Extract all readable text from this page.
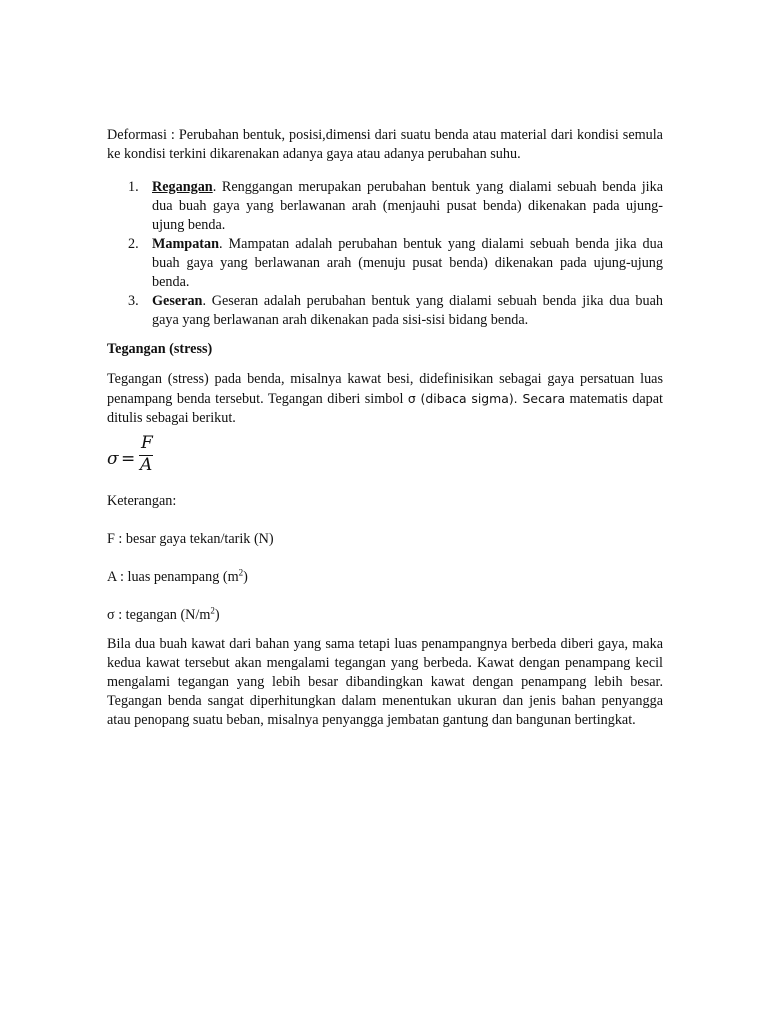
Deformasi : Perubahan bentuk, posisi,dimensi dari suatu benda atau material dari kondisi semula ke kondisi terkini dikarenakan adanya gaya atau adanya perubahan suhu.

1. Regangan. Renggangan merupakan perubahan bentuk yang dialami sebuah benda jika dua buah gaya yang berlawanan arah (menjauhi pusat benda) dikenakan pada ujung-ujung benda.
2. Mampatan. Mampatan adalah perubahan bentuk yang dialami sebuah benda jika dua buah gaya yang berlawanan arah (menuju pusat benda) dikenakan pada ujung-ujung benda.
3. Geseran. Geseran adalah perubahan bentuk yang dialami sebuah benda jika dua buah gaya yang berlawanan arah dikenakan pada sisi-sisi bidang benda.
Tegangan (stress)

Tegangan (stress) pada benda, misalnya kawat besi, didefinisikan sebagai gaya persatuan luas penampang benda tersebut. Tegangan diberi simbol σ (dibaca sigma). Secara matematis dapat ditulis sebagai berikut.

σ =
F
A

Keterangan:

F : besar gaya tekan/tarik (N)

A : luas penampang $(m^2)$

σ : tegangan $(N/m^2)$

Bila dua buah kawat dari bahan yang sama tetapi luas penampangnya berbeda diberi gaya, maka kedua kawat tersebut akan mengalami tegangan yang berbeda. Kawat dengan penampang kecil mengalami tegangan yang lebih besar dibandingkan kawat dengan penampang lebih besar. Tegangan benda sangat diperhitungkan dalam menentukan ukuran dan jenis bahan penyangga atau penopang suatu beban, misalnya penyangga jembatan gantung dan bangunan bertingkat.
